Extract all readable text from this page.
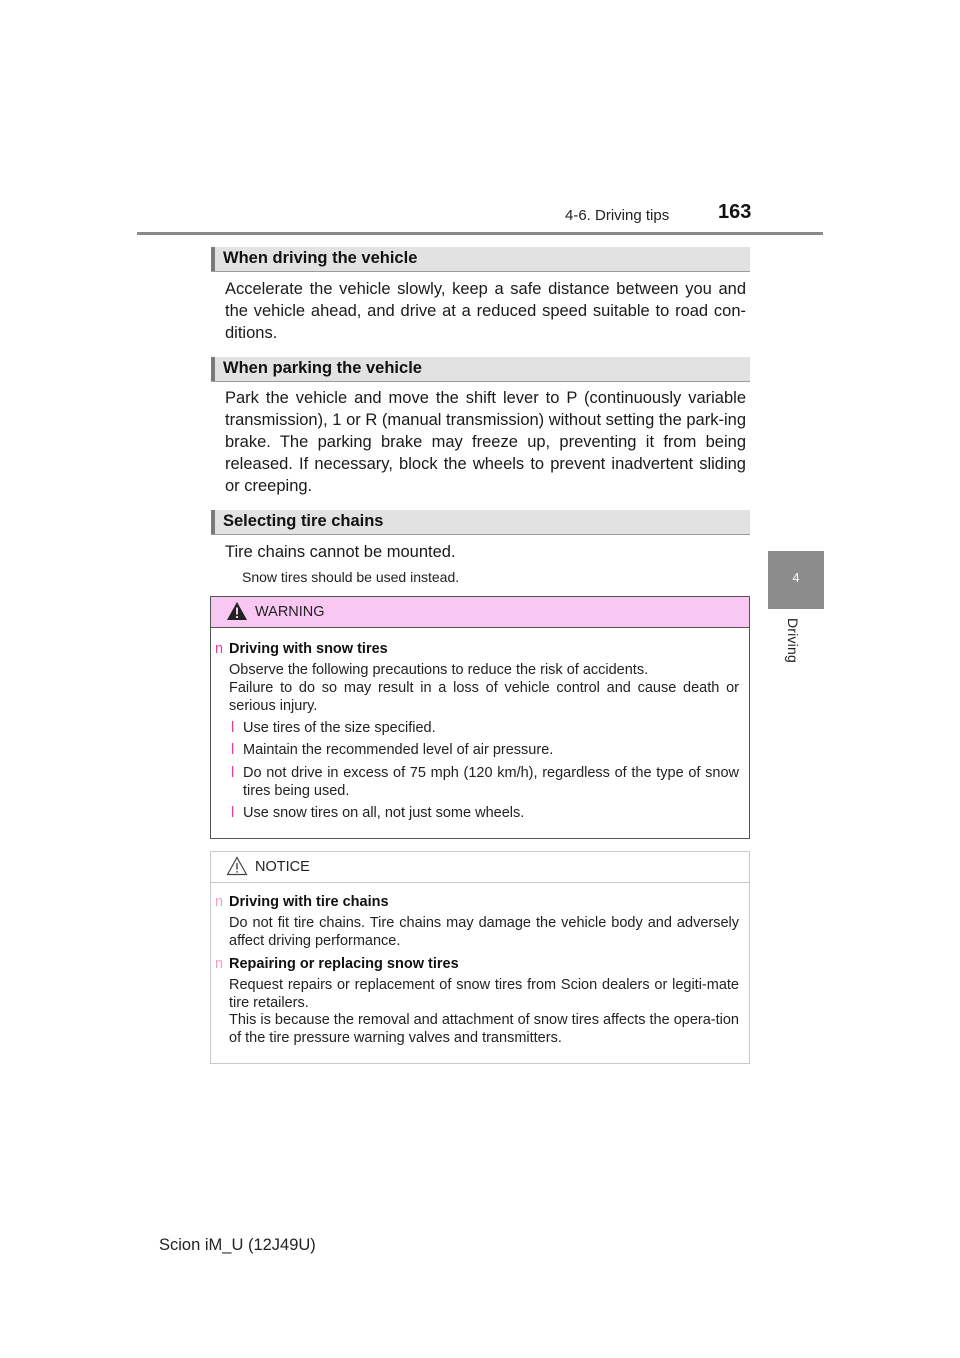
4-6. Driving tips 163
4
Driving
When driving the vehicle
Accelerate the vehicle slowly, keep a safe distance between you and the vehicle ahead, and drive at a reduced speed suitable to road con-ditions.
When parking the vehicle
Park the vehicle and move the shift lever to P (continuously variable transmission), 1 or R (manual transmission) without setting the park-ing brake. The parking brake may freeze up, preventing it from being released. If necessary, block the wheels to prevent inadvertent sliding or creeping.
Selecting tire chains
Tire chains cannot be mounted.
Snow tires should be used instead.
WARNING
n Driving with snow tires
Observe the following precautions to reduce the risk of accidents.
Failure to do so may result in a loss of vehicle control and cause death or serious injury.
l Use tires of the size specified.
l Maintain the recommended level of air pressure.
l Do not drive in excess of 75 mph (120 km/h), regardless of the type of snow tires being used.
l Use snow tires on all, not just some wheels.
NOTICE
n Driving with tire chains
Do not fit tire chains. Tire chains may damage the vehicle body and adversely affect driving performance.
n Repairing or replacing snow tires
Request repairs or replacement of snow tires from Scion dealers or legiti-mate tire retailers.
This is because the removal and attachment of snow tires affects the opera-tion of the tire pressure warning valves and transmitters.
Scion iM_U (12J49U)
